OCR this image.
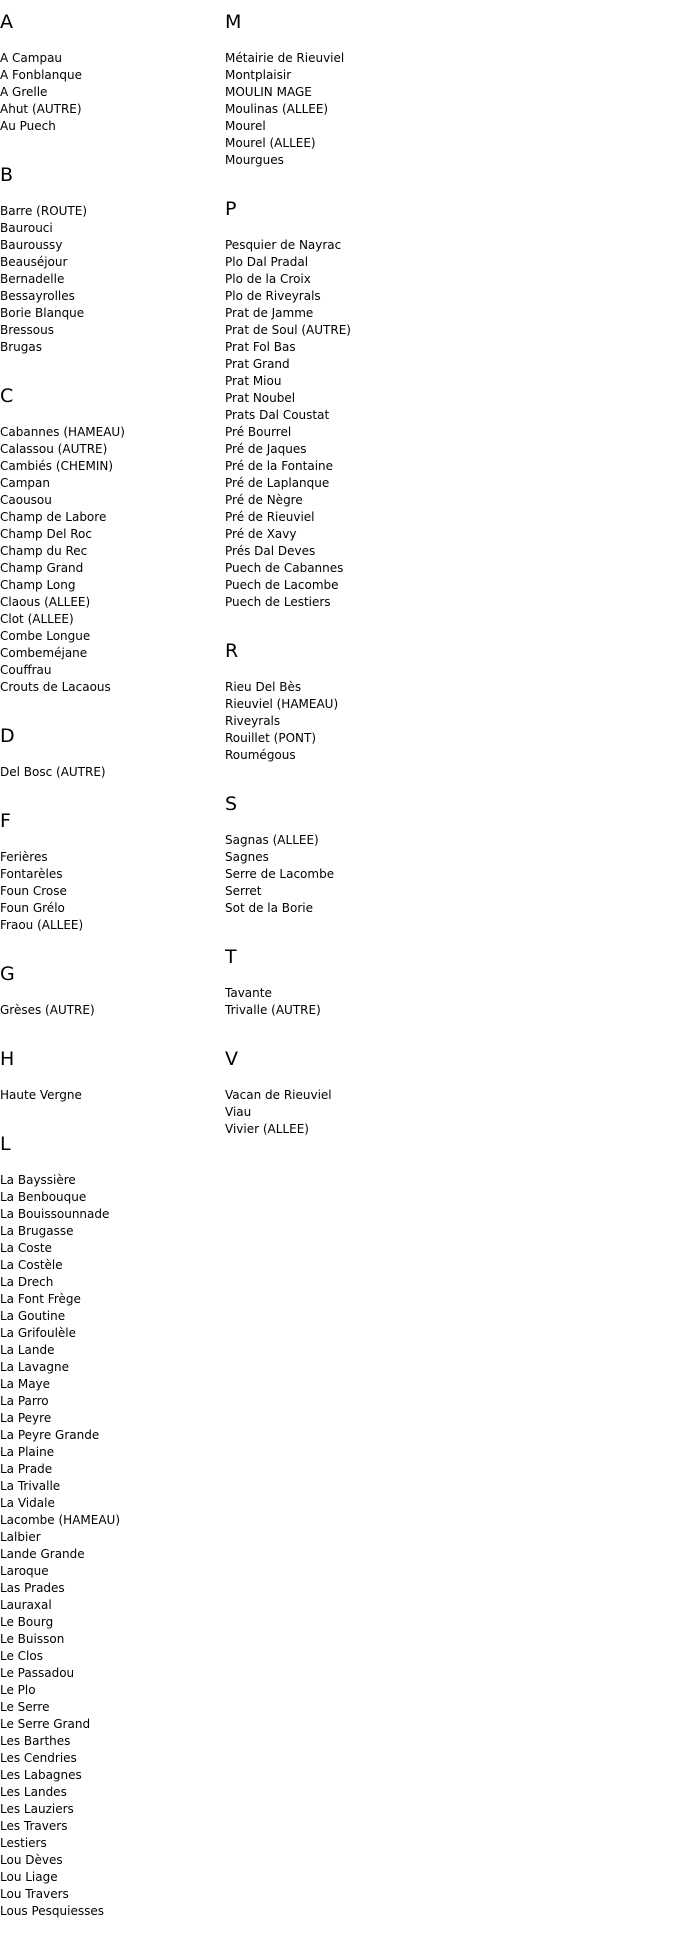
A
A Campau
A Fonblanque
A Grelle
Ahut (AUTRE)
Au Puech
B
Barre (ROUTE)
Baurouci
Bauroussy
Beauséjour
Bernadelle
Bessayrolles
Borie Blanque
Bressous
Brugas
C
Cabannes (HAMEAU)
Calassou (AUTRE)
Cambiés (CHEMIN)
Campan
Caousou
Champ de Labore
Champ Del Roc
Champ du Rec
Champ Grand
Champ Long
Claous (ALLEE)
Clot (ALLEE)
Combe Longue
Combeméjane
Couffrau
Crouts de Lacaous
D
Del Bosc (AUTRE)
F
Ferières
Fontarèles
Foun Crose
Foun Grélo
Fraou (ALLEE)
G
Grèses (AUTRE)
H
Haute Vergne
L
La Bayssière
La Benbouque
La Bouissounnade
La Brugasse
La Coste
La Costèle
La Drech
La Font Frège
La Goutine
La Grifoulèle
La Lande
La Lavagne
La Maye
La Parro
La Peyre
La Peyre Grande
La Plaine
La Prade
La Trivalle
La Vidale
Lacombe (HAMEAU)
Lalbier
Lande Grande
Laroque
Las Prades
Lauraxal
Le Bourg
Le Buisson
Le Clos
Le Passadou
Le Plo
Le Serre
Le Serre Grand
Les Barthes
Les Cendries
Les Labagnes
Les Landes
Les Lauziers
Les Travers
Lestiers
Lou Dèves
Lou Liage
Lou Travers
Lous Pesquiesses
M
Métairie de Rieuviel
Montplaisir
MOULIN MAGE
Moulinas (ALLEE)
Mourel
Mourel (ALLEE)
Mourgues
P
Pesquier de Nayrac
Plo Dal Pradal
Plo de la Croix
Plo de Riveyrals
Prat de Jamme
Prat de Soul (AUTRE)
Prat Fol Bas
Prat Grand
Prat Miou
Prat Noubel
Prats Dal Coustat
Pré Bourrel
Pré de Jaques
Pré de la Fontaine
Pré de Laplanque
Pré de Nègre
Pré de Rieuviel
Pré de Xavy
Prés Dal Deves
Puech de Cabannes
Puech de Lacombe
Puech de Lestiers
R
Rieu Del Bès
Rieuviel (HAMEAU)
Riveyrals
Rouillet (PONT)
Roumégous
S
Sagnas (ALLEE)
Sagnes
Serre de Lacombe
Serret
Sot de la Borie
T
Tavante
Trivalle (AUTRE)
V
Vacan de Rieuviel
Viau
Vivier (ALLEE)
